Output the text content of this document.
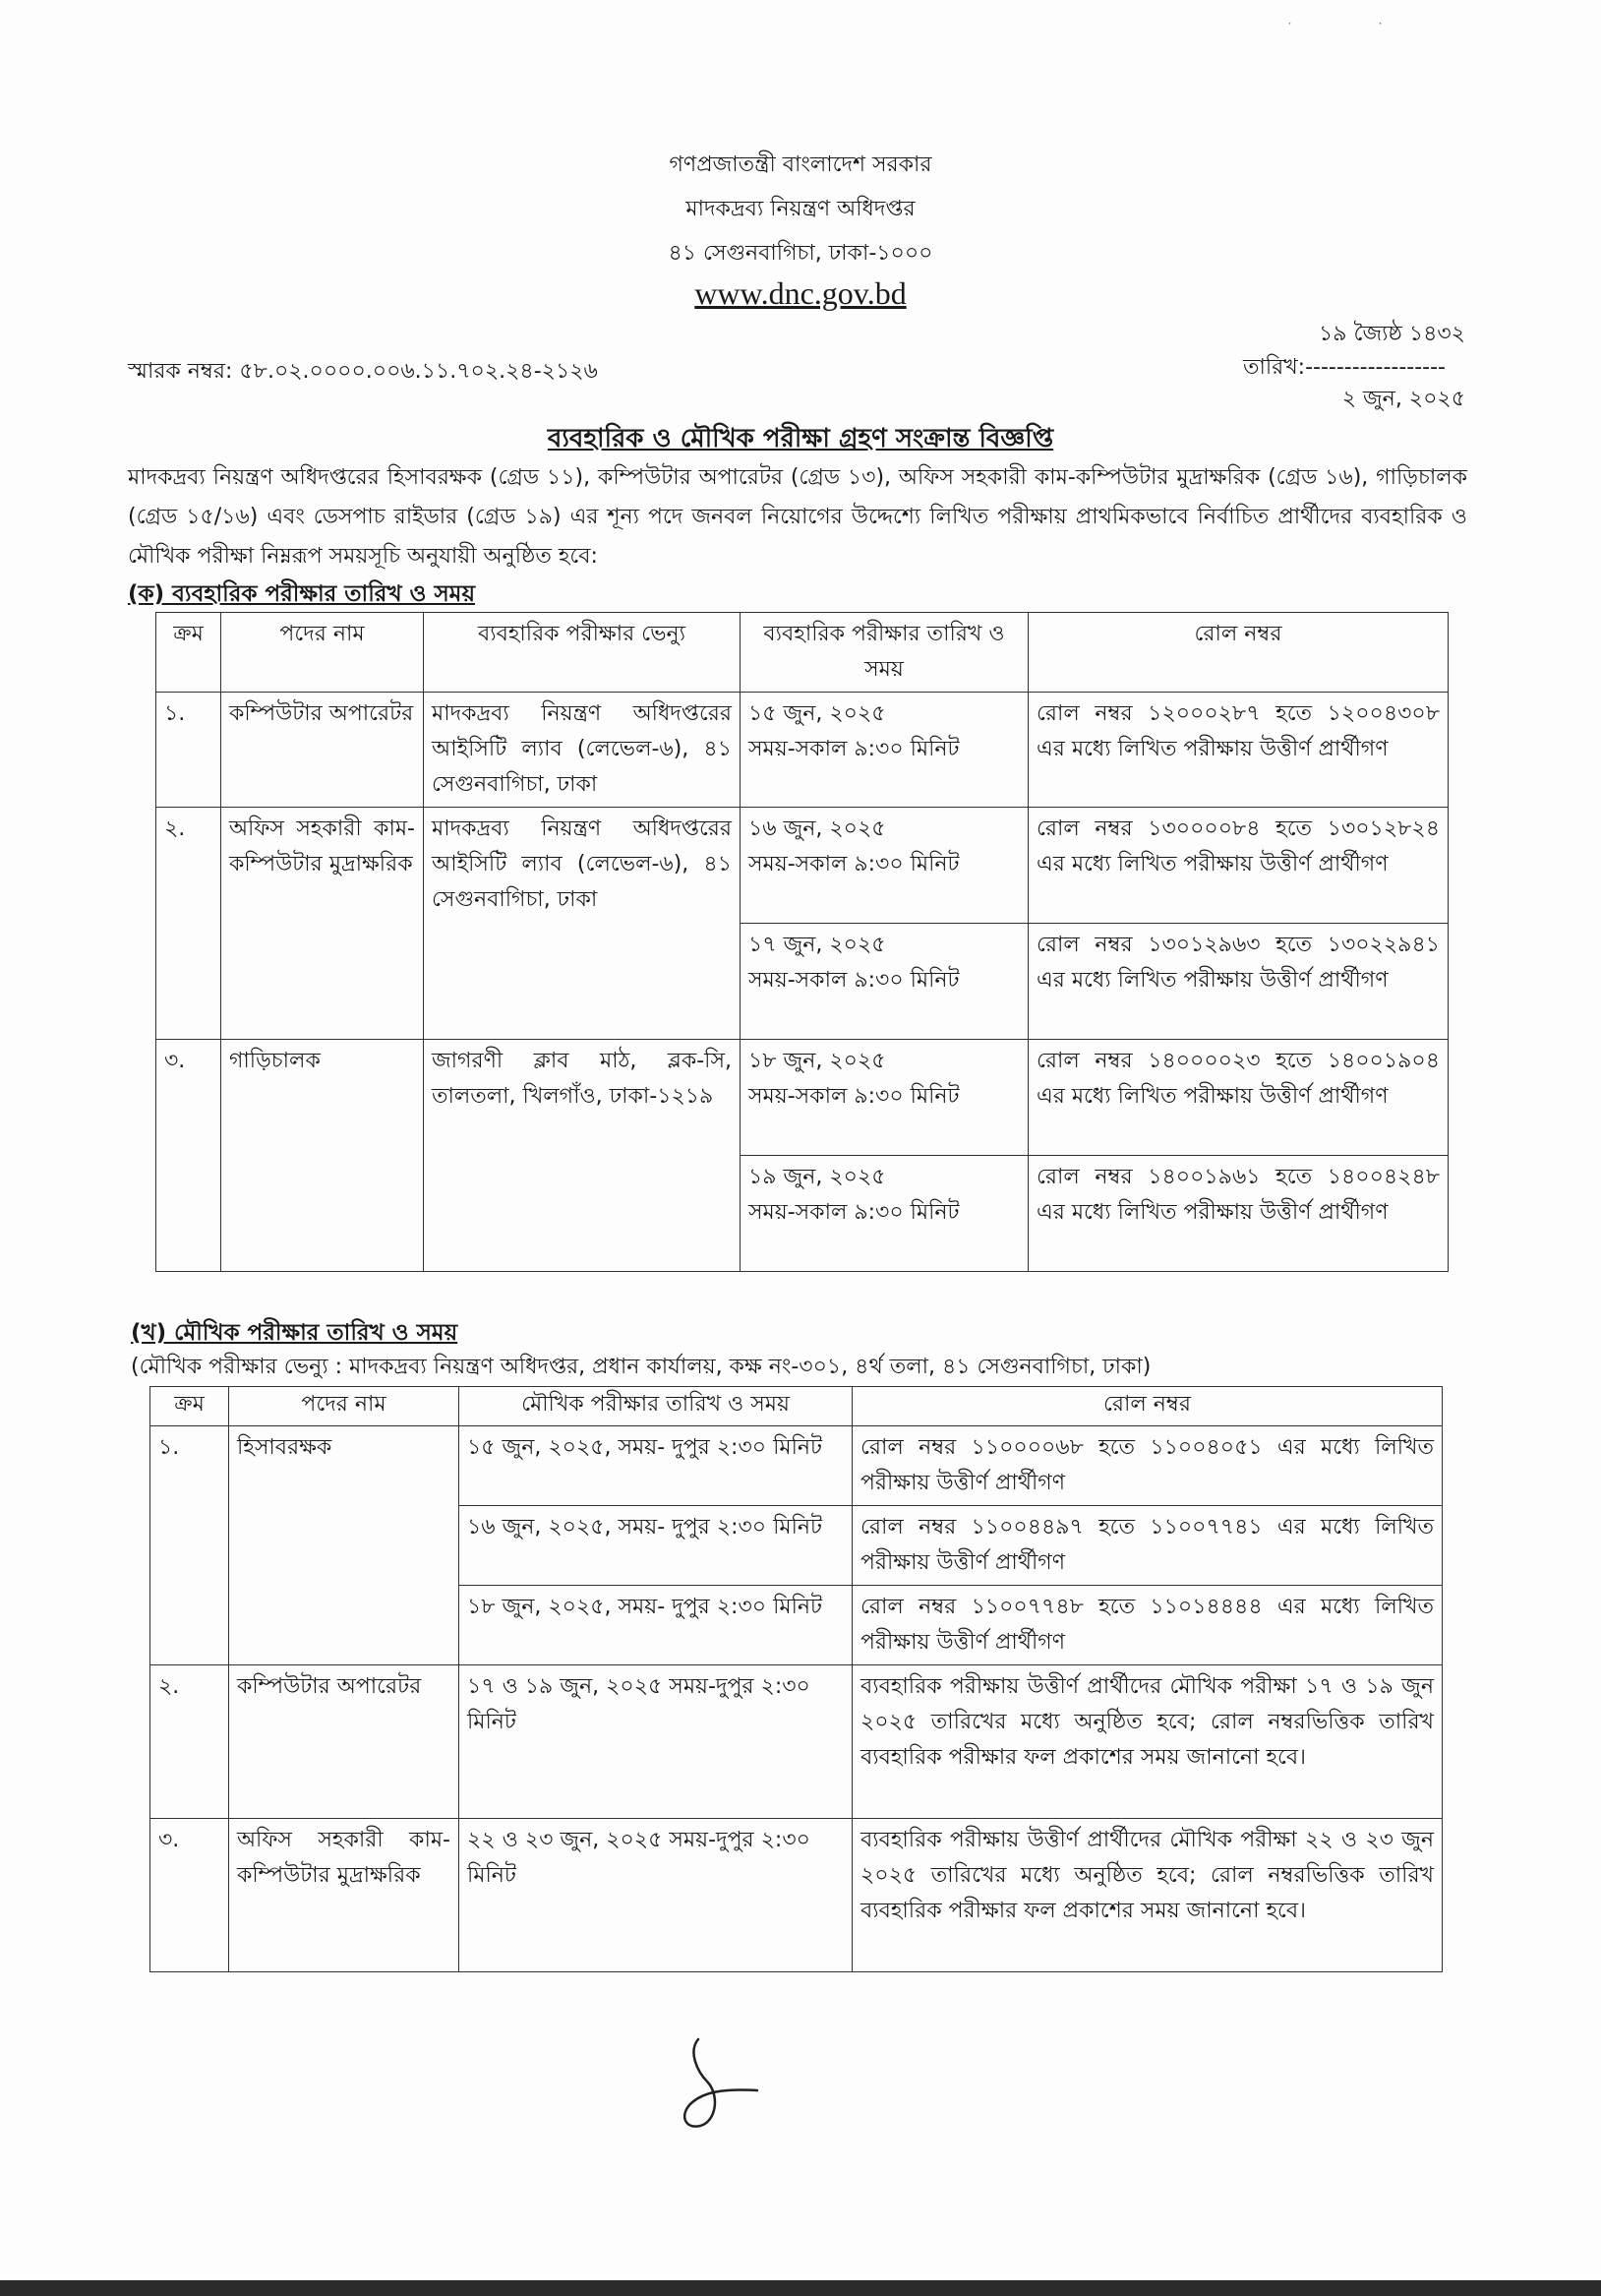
˙	˙
গণপ্রজাতন্ত্রী বাংলাদেশ সরকার
মাদকদ্রব্য নিয়ন্ত্রণ অধিদপ্তর
৪১ সেগুনবাগিচা, ঢাকা-১০০০
www.dnc.gov.bd
স্মারক নম্বর: ৫৮.০২.০০০০.০০৬.১১.৭০২.২৪-২১২৬
১৯ জ্যৈষ্ঠ ১৪৩২
তারিখ:------------------
২ জুন, ২০২৫
ব্যবহারিক ও মৌখিক পরীক্ষা গ্রহণ সংক্রান্ত বিজ্ঞপ্তি
মাদকদ্রব্য নিয়ন্ত্রণ অধিদপ্তরের হিসাবরক্ষক (গ্রেড ১১), কম্পিউটার অপারেটর (গ্রেড ১৩), অফিস সহকারী কাম-কম্পিউটার মুদ্রাক্ষরিক (গ্রেড ১৬), গাড়িচালক (গ্রেড ১৫/১৬) এবং ডেসপাচ রাইডার (গ্রেড ১৯) এর শূন্য পদে জনবল নিয়োগের উদ্দেশ্যে লিখিত পরীক্ষায় প্রাথমিকভাবে নির্বাচিত প্রার্থীদের ব্যবহারিক ও মৌখিক পরীক্ষা নিম্নরূপ সময়সূচি অনুযায়ী অনুষ্ঠিত হবে:
(ক) ব্যবহারিক পরীক্ষার তারিখ ও সময়
ক্রম	পদের নাম	ব্যবহারিক পরীক্ষার ভেন্যু	ব্যবহারিক পরীক্ষার তারিখ ও সময়	রোল নম্বর
১.	কম্পিউটার অপারেটর	মাদকদ্রব্য নিয়ন্ত্রণ অধিদপ্তরের আইসিটি ল্যাব (লেভেল-৬), ৪১ সেগুনবাগিচা, ঢাকা	১৫ জুন, ২০২৫
সময়-সকাল ৯:৩০ মিনিট	রোল নম্বর ১২০০০২৮৭ হতে ১২০০৪৩০৮ এর মধ্যে লিখিত পরীক্ষায় উত্তীর্ণ প্রার্থীগণ
২.	অফিস সহকারী কাম-কম্পিউটার মুদ্রাক্ষরিক	মাদকদ্রব্য নিয়ন্ত্রণ অধিদপ্তরের আইসিটি ল্যাব (লেভেল-৬), ৪১ সেগুনবাগিচা, ঢাকা	১৬ জুন, ২০২৫
সময়-সকাল ৯:৩০ মিনিট	রোল নম্বর ১৩০০০০৮৪ হতে ১৩০১২৮২৪ এর মধ্যে লিখিত পরীক্ষায় উত্তীর্ণ প্রার্থীগণ

			১৭ জুন, ২০২৫
সময়-সকাল ৯:৩০ মিনিট	রোল নম্বর ১৩০১২৯৬৩ হতে ১৩০২২৯৪১ এর মধ্যে লিখিত পরীক্ষায় উত্তীর্ণ প্রার্থীগণ
৩.	গাড়িচালক	জাগরণী ক্লাব মাঠ, ব্লক-সি, তালতলা, খিলগাঁও, ঢাকা-১২১৯	১৮ জুন, ২০২৫
সময়-সকাল ৯:৩০ মিনিট	রোল নম্বর ১৪০০০০২৩ হতে ১৪০০১৯০৪ এর মধ্যে লিখিত পরীক্ষায় উত্তীর্ণ প্রার্থীগণ

			১৯ জুন, ২০২৫
সময়-সকাল ৯:৩০ মিনিট	রোল নম্বর ১৪০০১৯৬১ হতে ১৪০০৪২৪৮ এর মধ্যে লিখিত পরীক্ষায় উত্তীর্ণ প্রার্থীগণ
(খ) মৌখিক পরীক্ষার তারিখ ও সময়
(মৌখিক পরীক্ষার ভেন্যু : মাদকদ্রব্য নিয়ন্ত্রণ অধিদপ্তর, প্রধান কার্যালয়, কক্ষ নং-৩০১, ৪র্থ তলা, ৪১ সেগুনবাগিচা, ঢাকা)
ক্রম	পদের নাম	মৌখিক পরীক্ষার তারিখ ও সময়	রোল নম্বর
১.	হিসাবরক্ষক	১৫ জুন, ২০২৫, সময়- দুপুর ২:৩০ মিনিট	রোল নম্বর ১১০০০০৬৮ হতে ১১০০৪০৫১ এর মধ্যে লিখিত পরীক্ষায় উত্তীর্ণ প্রার্থীগণ
		১৬ জুন, ২০২৫, সময়- দুপুর ২:৩০ মিনিট	রোল নম্বর ১১০০৪৪৯৭ হতে ১১০০৭৭৪১ এর মধ্যে লিখিত পরীক্ষায় উত্তীর্ণ প্রার্থীগণ
		১৮ জুন, ২০২৫, সময়- দুপুর ২:৩০ মিনিট	রোল নম্বর ১১০০৭৭৪৮ হতে ১১০১৪৪৪৪ এর মধ্যে লিখিত পরীক্ষায় উত্তীর্ণ প্রার্থীগণ
২.	কম্পিউটার অপারেটর	১৭ ও ১৯ জুন, ২০২৫ সময়-দুপুর ২:৩০ মিনিট	ব্যবহারিক পরীক্ষায় উত্তীর্ণ প্রার্থীদের মৌখিক পরীক্ষা ১৭ ও ১৯ জুন ২০২৫ তারিখের মধ্যে অনুষ্ঠিত হবে; রোল নম্বরভিত্তিক তারিখ ব্যবহারিক পরীক্ষার ফল প্রকাশের সময় জানানো হবে।
৩.	অফিস সহকারী কাম-কম্পিউটার মুদ্রাক্ষরিক	২২ ও ২৩ জুন, ২০২৫ সময়-দুপুর ২:৩০ মিনিট	ব্যবহারিক পরীক্ষায় উত্তীর্ণ প্রার্থীদের মৌখিক পরীক্ষা ২২ ও ২৩ জুন ২০২৫ তারিখের মধ্যে অনুষ্ঠিত হবে; রোল নম্বরভিত্তিক তারিখ ব্যবহারিক পরীক্ষার ফল প্রকাশের সময় জানানো হবে।
